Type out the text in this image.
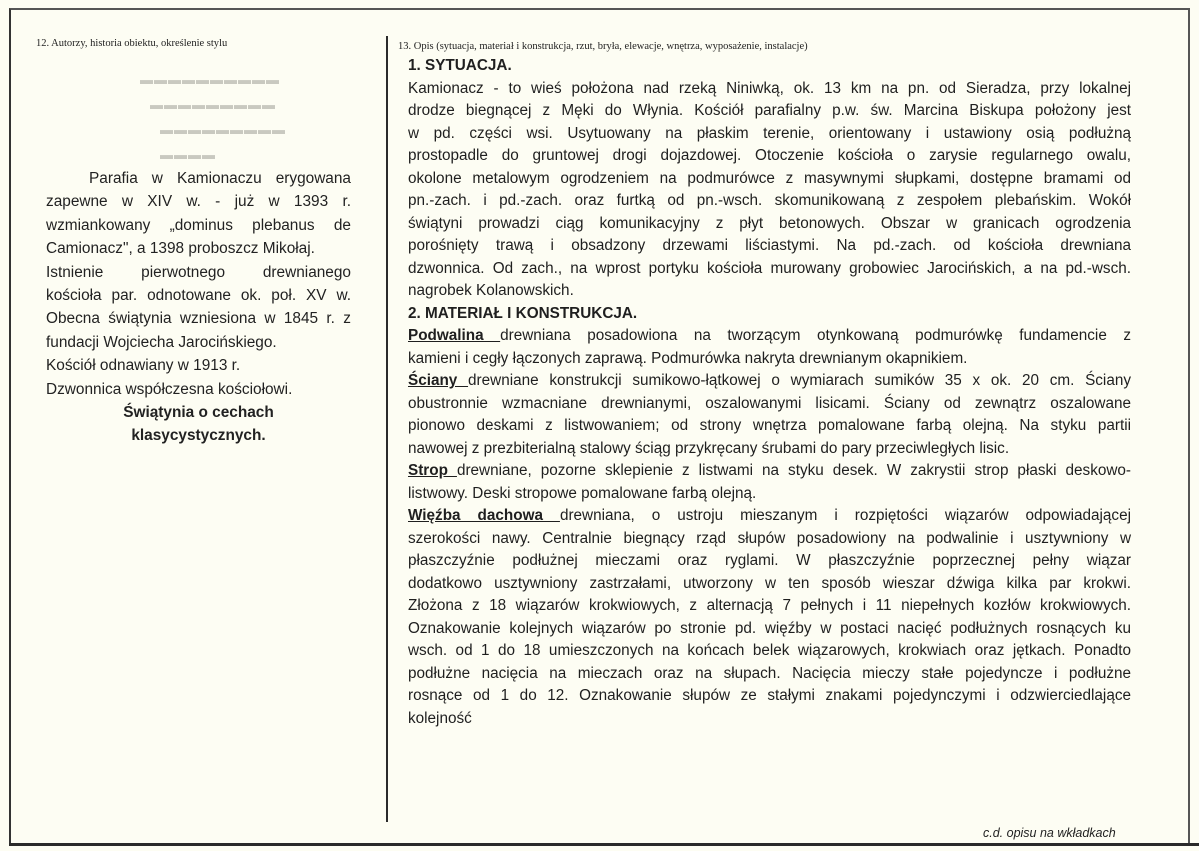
12. Autorzy, historia obiektu, określenie stylu	13. Opis (sytuacja, materiał i konstrukcja, rzut, bryła, elewacje, wnętrza, wyposażenie, instalacje)
▬▬▬▬▬▬▬▬▬▬
▬▬▬▬▬▬▬▬▬
▬▬▬▬▬▬▬▬▬
▬▬▬▬

Parafia w Kamionaczu erygowana

zapewne w XIV w. - już w 1393 r.

wzmiankowany „dominus plebanus de

Camionacz", a 1398 proboszcz Mikołaj.

Istnienie pierwotnego drewnianego

kościoła par. odnotowane ok. poł. XV w.

Obecna świątynia wzniesiona w 1845 r. z

fundacji Wojciecha Jarocińskiego.

Kościół odnawiany w 1913 r.

Dzwonnica współczesna kościołowi.

Świątynia o cechach

klasycystycznych.

1. SYTUACJA.
Kamionacz - to wieś położona nad rzeką Niniwką, ok. 13 km na pn. od Sieradza, przy lokalnej
drodze biegnącej z Męki do Włynia. Kościół parafialny p.w. św. Marcina Biskupa położony jest
w pd. części wsi. Usytuowany na płaskim terenie, orientowany i ustawiony osią podłużną
prostopadle do gruntowej drogi dojazdowej. Otoczenie kościoła o zarysie regularnego owalu,
okolone metalowym ogrodzeniem na podmurówce z masywnymi słupkami, dostępne bramami od
pn.-zach. i pd.-zach. oraz furtką od pn.-wsch. skomunikowaną z zespołem plebańskim. Wokół
świątyni prowadzi ciąg komunikacyjny z płyt betonowych. Obszar w granicach ogrodzenia
porośnięty trawą i obsadzony drzewami liściastymi. Na pd.-zach. od kościoła drewniana
dzwonnica. Od zach., na wprost portyku kościoła murowany grobowiec Jarocińskich, a na pd.-wsch.
nagrobek Kolanowskich.
2. MATERIAŁ I KONSTRUKCJA.
Podwalina drewniana posadowiona na tworzącym otynkowaną podmurówkę fundamencie z
kamieni i cegły łączonych zaprawą. Podmurówka nakryta drewnianym okapnikiem.
Ściany drewniane konstrukcji sumikowo-łątkowej o wymiarach sumików 35 x ok. 20 cm. Ściany
obustronnie wzmacniane drewnianymi, oszalowanymi lisicami. Ściany od zewnątrz oszalowane
pionowo deskami z listwowaniem; od strony wnętrza pomalowane farbą olejną. Na styku partii
nawowej z prezbiterialną stalowy ściąg przykręcany śrubami do pary przeciwległych lisic.
Strop drewniane, pozorne sklepienie z listwami na styku desek. W zakrystii strop płaski deskowo-
listwowy. Deski stropowe pomalowane farbą olejną.
Więźba dachowa drewniana, o ustroju mieszanym i rozpiętości wiązarów odpowiadającej
szerokości nawy. Centralnie biegnący rząd słupów posadowiony na podwalinie i usztywniony w
płaszczyźnie podłużnej mieczami oraz ryglami. W płaszczyźnie poprzecznej pełny wiązar
dodatkowo usztywniony zastrzałami, utworzony w ten sposób wieszar dźwiga kilka par krokwi.
Złożona z 18 wiązarów krokwiowych, z alternacją 7 pełnych i 11 niepełnych kozłów krokwiowych.
Oznakowanie kolejnych wiązarów po stronie pd. więźby w postaci nacięć podłużnych rosnących ku
wsch. od 1 do 18 umieszczonych na końcach belek wiązarowych, krokwiach oraz jętkach. Ponadto
podłużne nacięcia na mieczach oraz na słupach. Nacięcia mieczy stałe pojedyncze i podłużne
rosnące od 1 do 12. Oznakowanie słupów ze stałymi znakami pojedynczymi i odzwierciedlające
kolejność
c.d. opisu na wkładkach
